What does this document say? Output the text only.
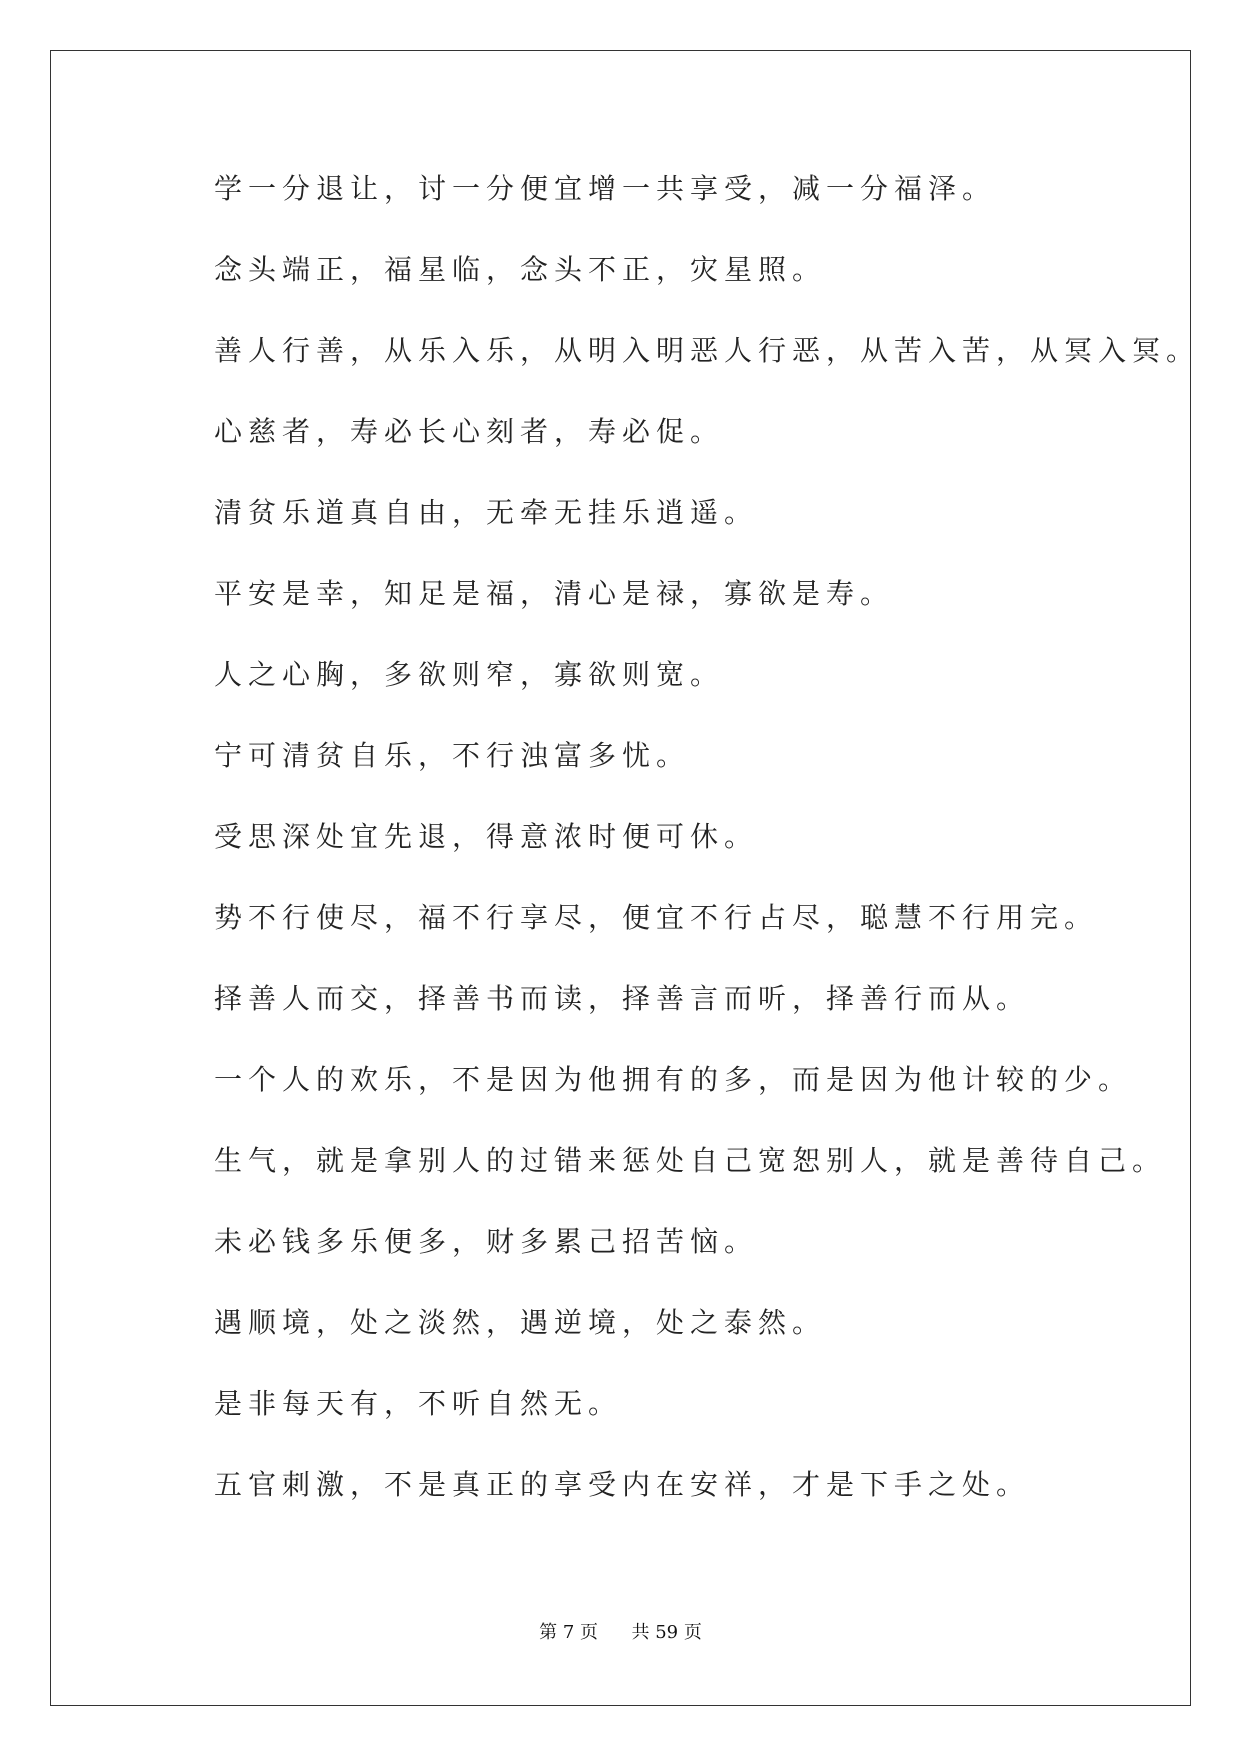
学一分退让，讨一分便宜增一共享受，减一分福泽。
念头端正，福星临，念头不正，灾星照。
善人行善，从乐入乐，从明入明恶人行恶，从苦入苦，从冥入冥。
心慈者，寿必长心刻者，寿必促。
清贫乐道真自由，无牵无挂乐逍遥。
平安是幸，知足是福，清心是禄，寡欲是寿。
人之心胸，多欲则窄，寡欲则宽。
宁可清贫自乐，不行浊富多忧。
受思深处宜先退，得意浓时便可休。
势不行使尽，福不行享尽，便宜不行占尽，聪慧不行用完。
择善人而交，择善书而读，择善言而听，择善行而从。
一个人的欢乐，不是因为他拥有的多，而是因为他计较的少。
生气，就是拿别人的过错来惩处自己宽恕别人，就是善待自己。
未必钱多乐便多，财多累己招苦恼。
遇顺境，处之淡然，遇逆境，处之泰然。
是非每天有，不听自然无。
五官刺激，不是真正的享受内在安祥，才是下手之处。
第 7 页 共 59 页
